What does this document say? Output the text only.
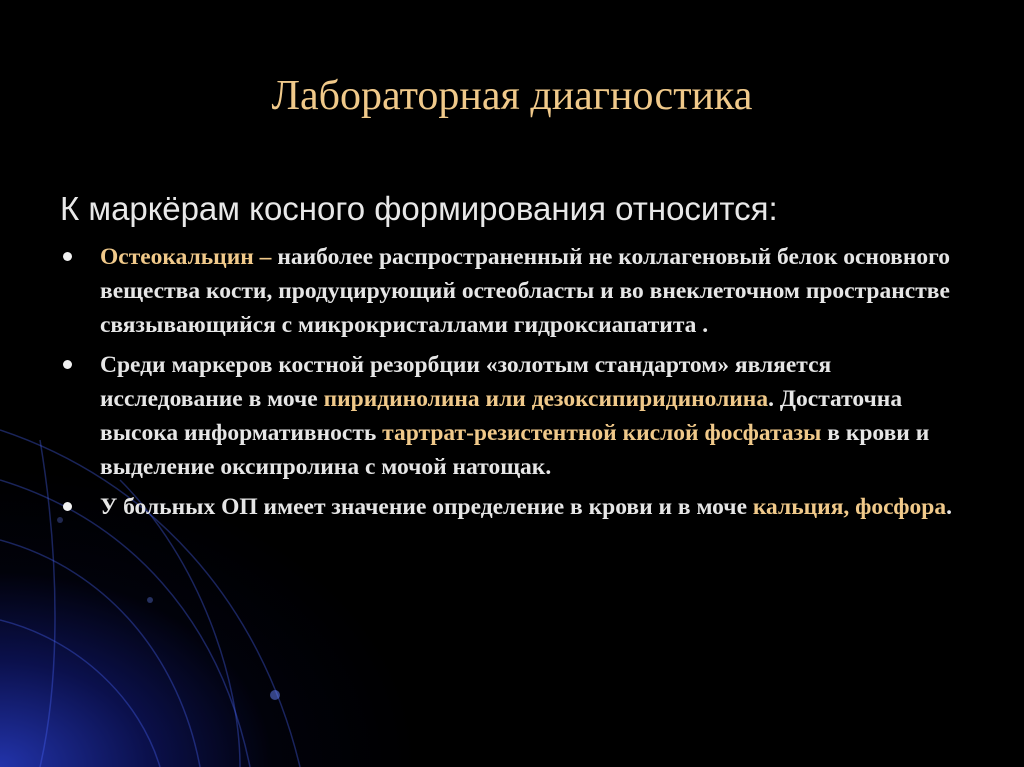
Лабораторная диагностика

К маркёрам косного формирования относится:

Остеокальцин – наиболее распространенный не коллагеновый белок основного вещества кости, продуцирующий остеобласты и во внеклеточном пространстве связывающийся с микрокристаллами гидроксиапатита .
Среди маркеров костной резорбции «золотым стандартом» является исследование в моче пиридинолина или дезоксипиридинолина. Достаточна высока информативность тартрат-резистентной кислой фосфатазы в крови и выделение оксипролина с мочой натощак.
У больных ОП имеет значение определение в крови и в моче кальция, фосфора.
